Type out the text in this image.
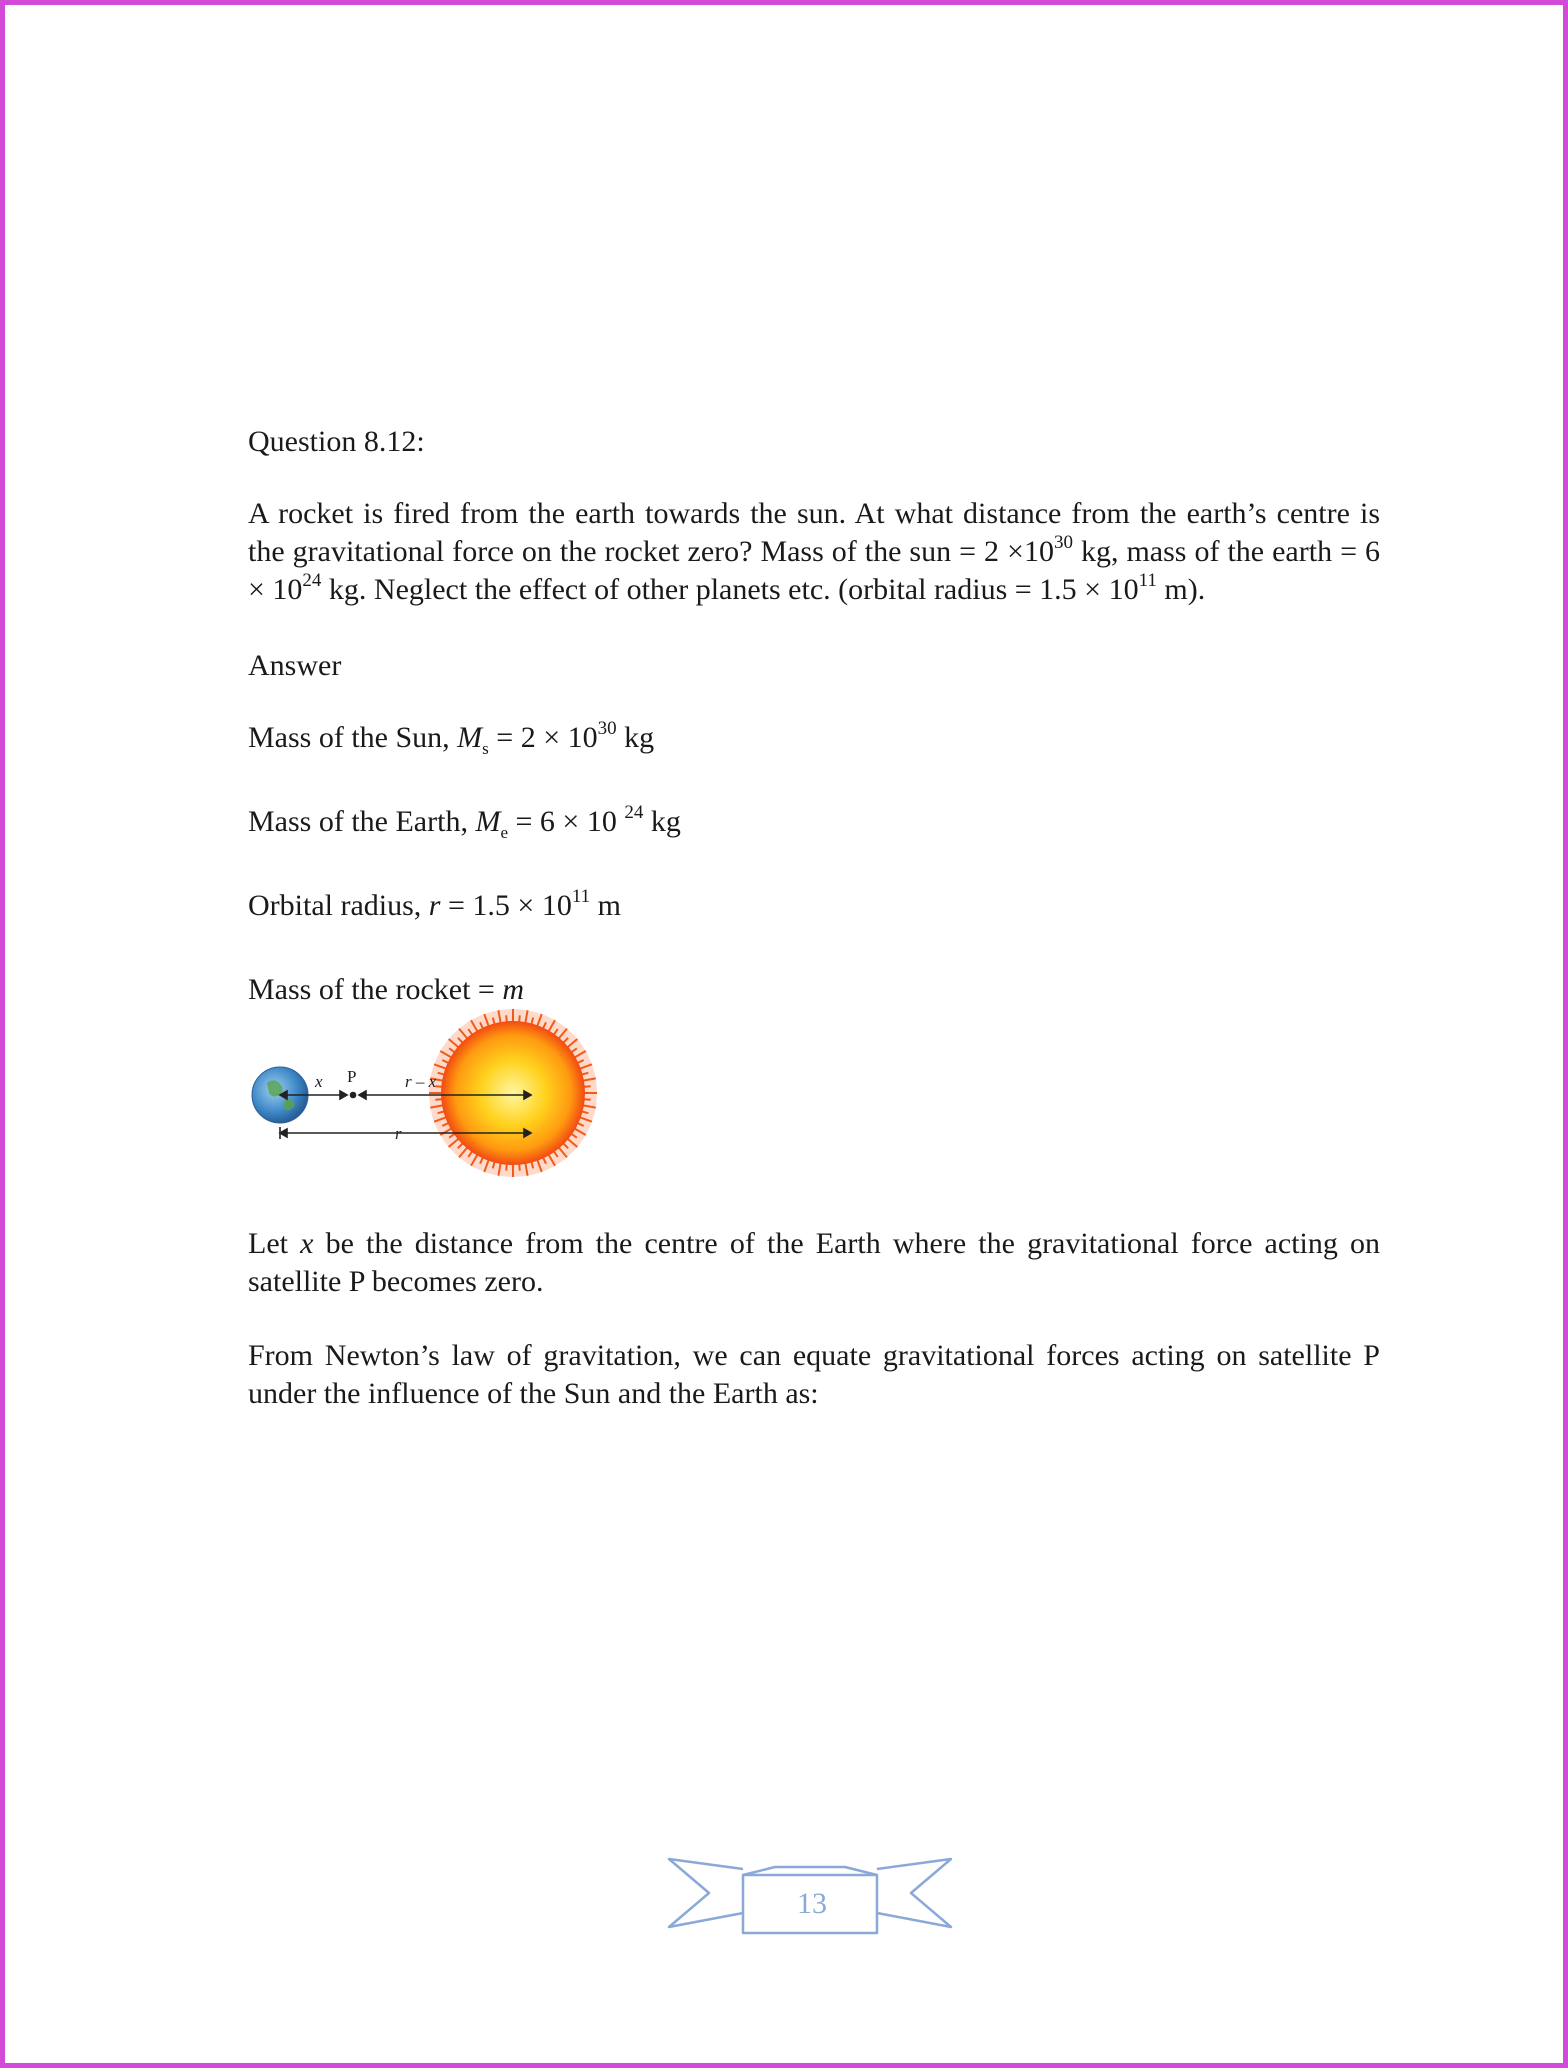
Question 8.12:

A rocket is fired from the earth towards the sun. At what distance from the earth’s centre is the gravitational force on the rocket zero? Mass of the sun = $2 \times 10^{30}$ kg, mass of the earth = $6 \times 10^{24}$ kg. Neglect the effect of other planets etc. (orbital radius = $1.5 \times 10^{11}$ m).

Answer

Mass of the Sun, $M_s = 2 \times 10^{30}$ kg

Mass of the Earth, $M_e = 6 \times 10$ $^{24}$ kg

Orbital radius, $r = 1.5 \times 10^{11}$ m

Mass of the rocket = m

x P	r – x
r

Let x be the distance from the centre of the Earth where the gravitational force acting on satellite P becomes zero.

From Newton’s law of gravitation, we can equate gravitational forces acting on satellite P under the influence of the Sun and the Earth as:

13
